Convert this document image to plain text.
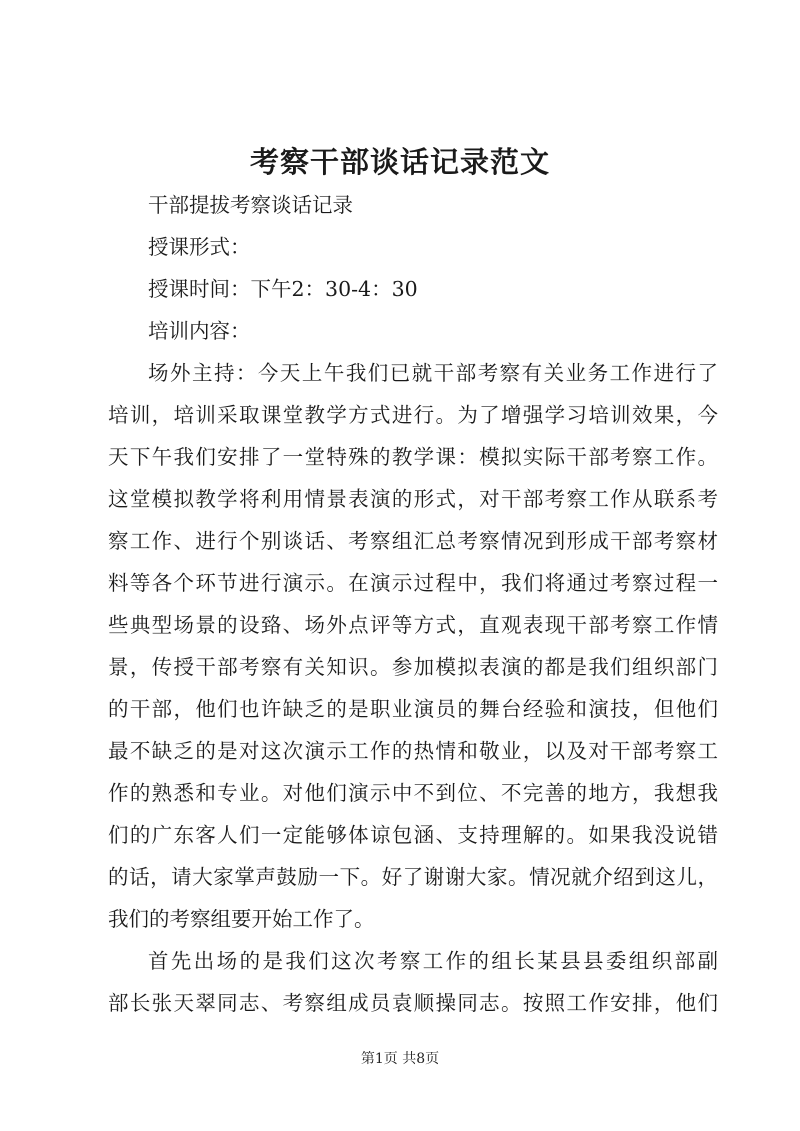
考察干部谈话记录范文

干部提拔考察谈话记录

授课形式：

授课时间：下午2：30-4：30

培训内容：

场外主持：今天上午我们已就干部考察有关业务工作进行了

培训，培训采取课堂教学方式进行。为了增强学习培训效果，今

天下午我们安排了一堂特殊的教学课：模拟实际干部考察工作。

这堂模拟教学将利用情景表演的形式，对干部考察工作从联系考

察工作、进行个别谈话、考察组汇总考察情况到形成干部考察材

料等各个环节进行演示。在演示过程中，我们将通过考察过程一

些典型场景的设臵、场外点评等方式，直观表现干部考察工作情

景，传授干部考察有关知识。参加模拟表演的都是我们组织部门

的干部，他们也许缺乏的是职业演员的舞台经验和演技，但他们

最不缺乏的是对这次演示工作的热情和敬业，以及对干部考察工

作的熟悉和专业。对他们演示中不到位、不完善的地方，我想我

们的广东客人们一定能够体谅包涵、支持理解的。如果我没说错

的话，请大家掌声鼓励一下。好了谢谢大家。情况就介绍到这儿，

我们的考察组要开始工作了。

首先出场的是我们这次考察工作的组长某县县委组织部副

部长张天翠同志、考察组成员袁顺操同志。按照工作安排，他们

第1页 共8页
